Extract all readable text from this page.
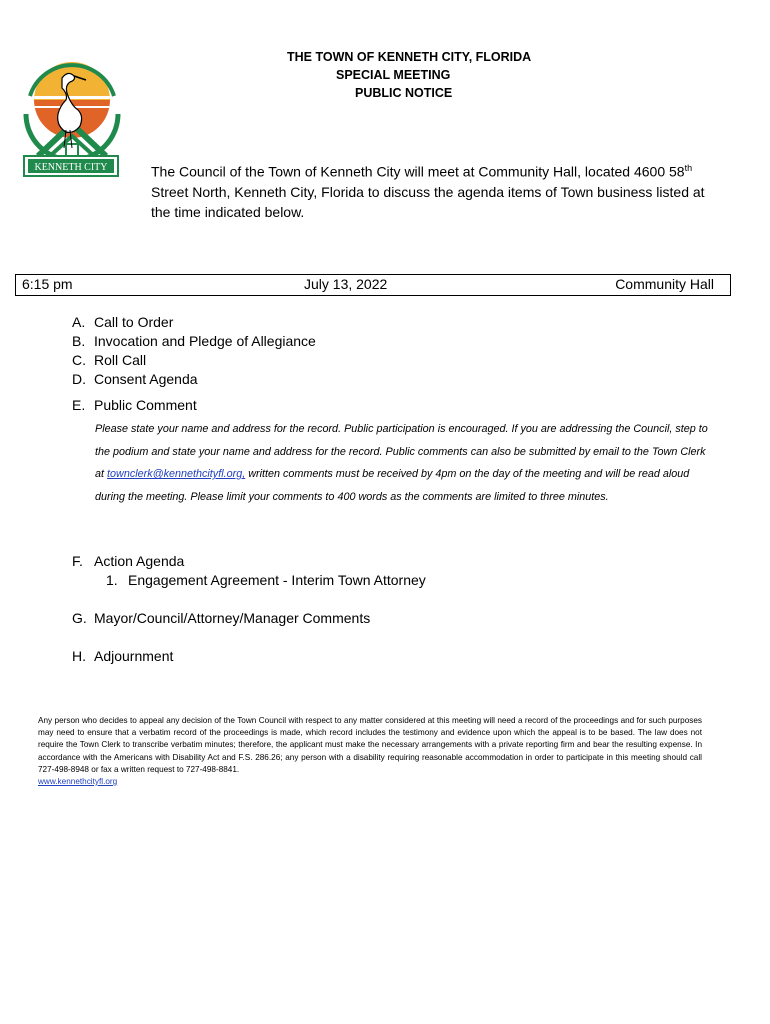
KENNETH CITY
THE TOWN OF KENNETH CITY, FLORIDA
SPECIAL MEETING
PUBLIC NOTICE
The Council of the Town of Kenneth City will meet at Community Hall, located 4600 58th Street North, Kenneth City, Florida to discuss the agenda items of Town business listed at the time indicated below.
6:15 pm	July 13, 2022	Community Hall
A. Call to Order
B. Invocation and Pledge of Allegiance
C. Roll Call
D. Consent Agenda
E. Public Comment
Please state your name and address for the record. Public participation is encouraged. If you are addressing the Council, step to the podium and state your name and address for the record. Public comments can also be submitted by email to the Town Clerk at townclerk@kennethcityfl.org, written comments must be received by 4pm on the day of the meeting and will be read aloud during the meeting. Please limit your comments to 400 words as the comments are limited to three minutes.
F. Action Agenda
1. Engagement Agreement - Interim Town Attorney
G. Mayor/Council/Attorney/Manager Comments
H. Adjournment
Any person who decides to appeal any decision of the Town Council with respect to any matter considered at this meeting will need a record of the proceedings and for such purposes may need to ensure that a verbatim record of the proceedings is made, which record includes the testimony and evidence upon which the appeal is to be based. The law does not require the Town Clerk to transcribe verbatim minutes; therefore, the applicant must make the necessary arrangements with a private reporting firm and bear the resulting expense. In accordance with the Americans with Disability Act and F.S. 286.26; any person with a disability requiring reasonable accommodation in order to participate in this meeting should call 727-498-8948 or fax a written request to 727-498-8841.
www.kennethcityfl.org
